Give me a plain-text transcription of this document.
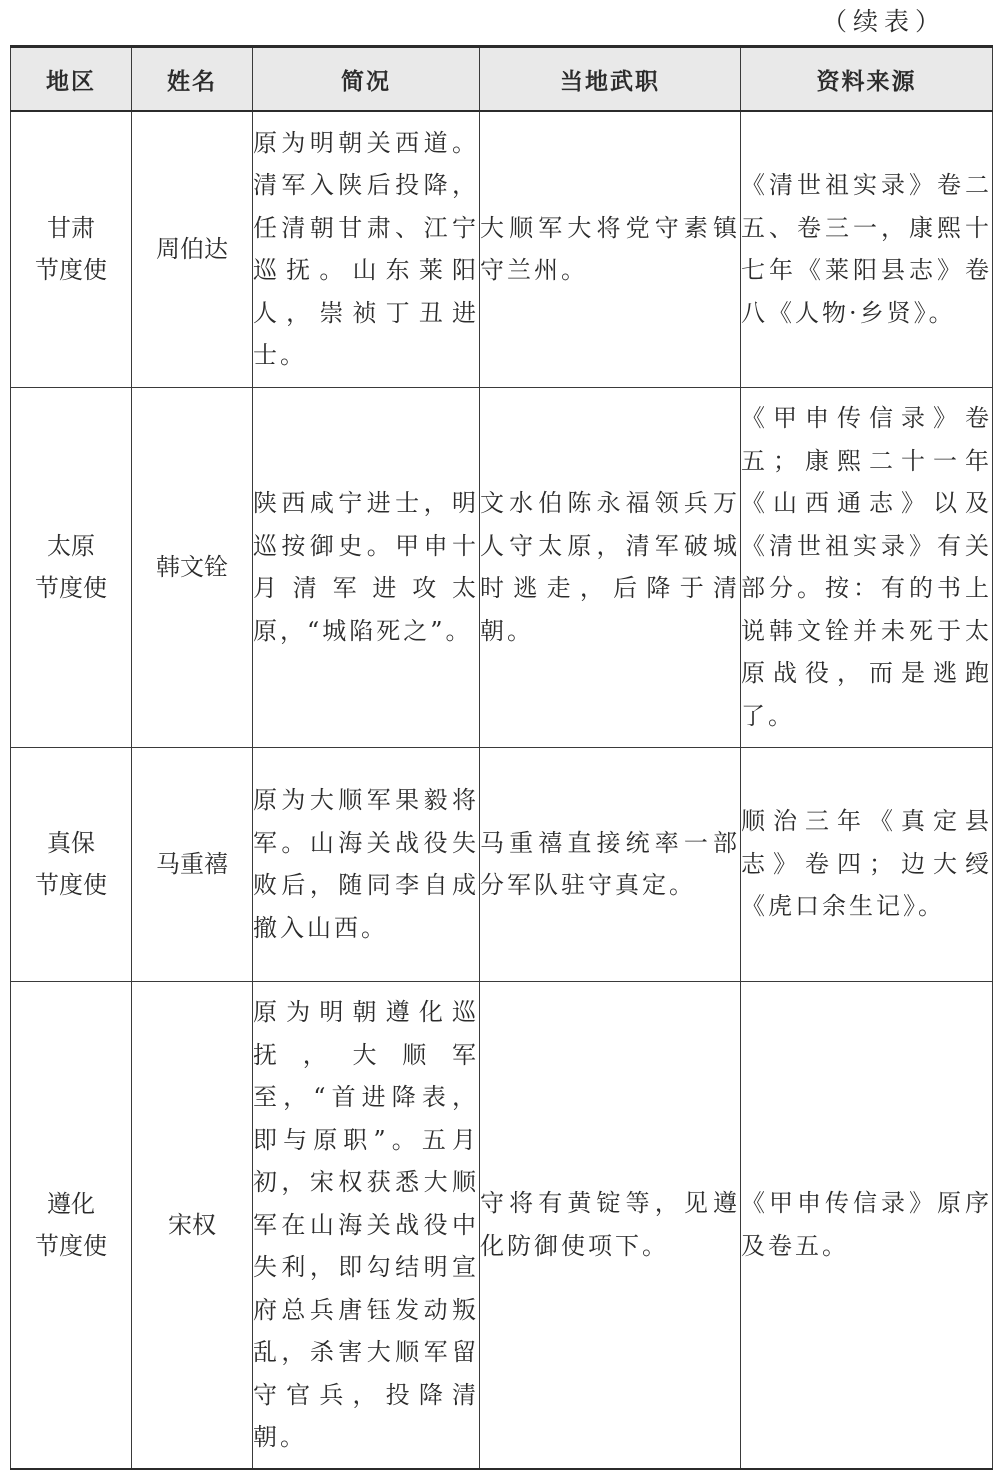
（续表）
地区	姓名	简况	当地武职	资料来源

甘肃
节度使	周伯达	原为明朝关西道。清军入陕后投降，任清朝甘肃、江宁巡抚。山东莱阳人，崇祯丁丑进士。	大顺军大将党守素镇守兰州。	《清世祖实录》卷二五、卷三一，康熙十七年《莱阳县志》卷八《人物·乡贤》。

太原
节度使	韩文铨	陕西咸宁进士，明巡按御史。甲申十月清军进攻太原，“城陷死之”。	文水伯陈永福领兵万人守太原，清军破城时逃走，后降于清朝。	《甲申传信录》卷五；康熙二十一年《山西通志》以及《清世祖实录》有关部分。按：有的书上说韩文铨并未死于太原战役，而是逃跑了。

真保
节度使	马重禧	原为大顺军果毅将军。山海关战役失败后，随同李自成撤入山西。	马重禧直接统率一部分军队驻守真定。	顺治三年《真定县志》卷四；边大绶《虎口余生记》。

遵化
节度使	宋权	原为明朝遵化巡抚，大顺军至，“首进降表，即与原职”。五月初，宋权获悉大顺军在山海关战役中失利，即勾结明宣府总兵唐钰发动叛乱，杀害大顺军留守官兵，投降清朝。	守将有黄锭等，见遵化防御使项下。	《甲申传信录》原序及卷五。
